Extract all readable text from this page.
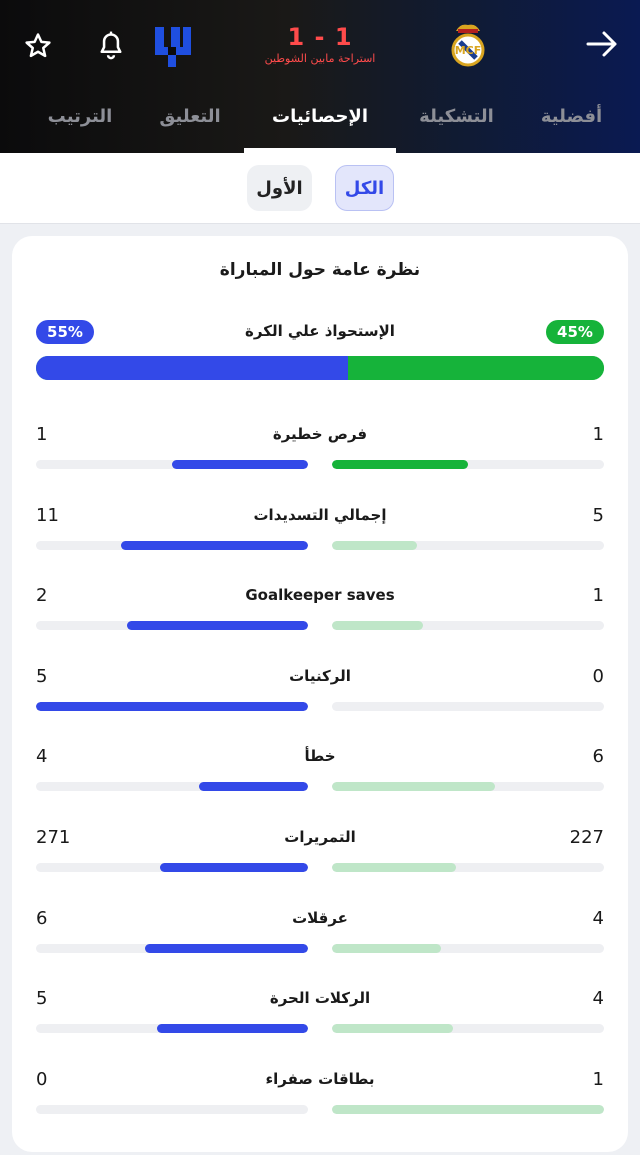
1 - 1
استراحة مابين الشوطين
MCF
أفضلية
التشكيلة
الإحصائيات
التعليق
الترتيب
الأول	الكل
نظرة عامة حول المباراة
55%	الإستحواذ علي الكرة	45%
1	فرص خطيرة	1
11	إجمالي التسديدات	5
2	Goalkeeper saves	1
5	الركنيات	0
4	خطأ	6
271	التمريرات	227
6	عرقلات	4
5	الركلات الحرة	4
0	بطاقات صفراء	1
